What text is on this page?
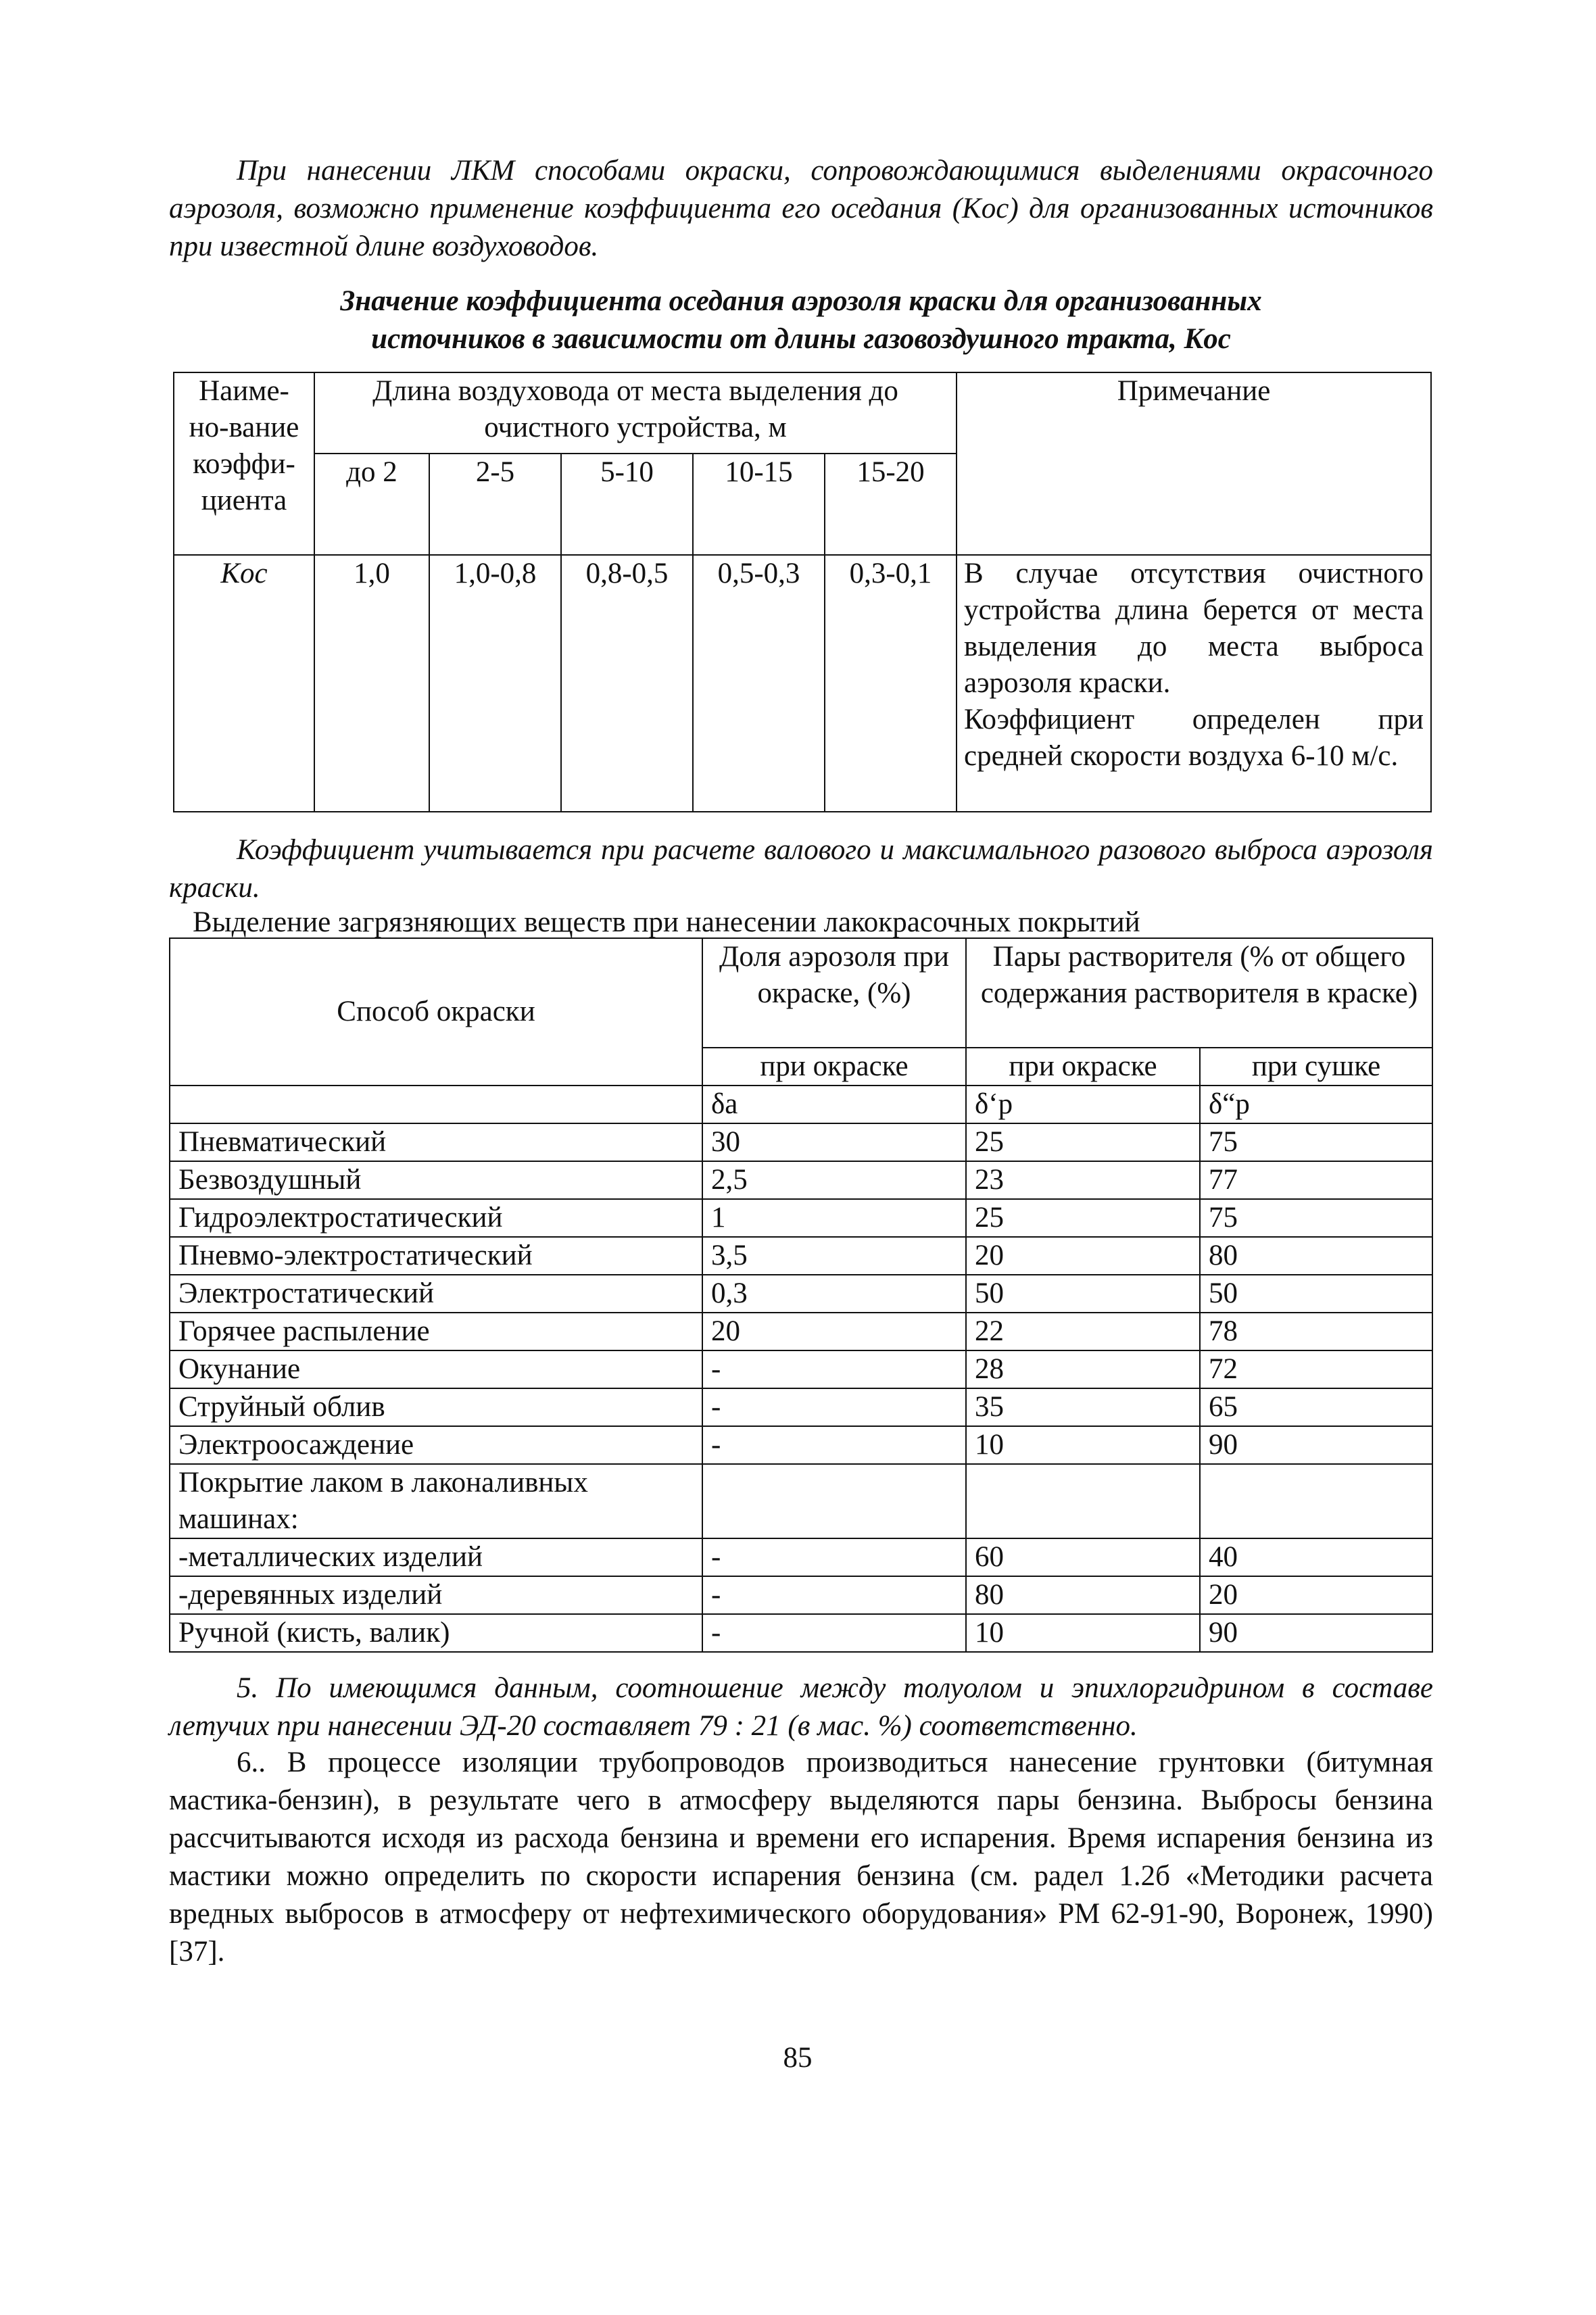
При нанесении ЛКМ способами окраски, сопровождающимися выделениями окрасочного аэрозоля, возможно применение коэффициента его оседания (Kос) для организованных источников при известной длине воздуховодов.

Значение коэффициента оседания аэрозоля краски для организованных
источников в зависимости от длины газовоздушного тракта, Kос
Наиме-но-вание коэффи-циента	Длина воздуховода от места выделения до очистного устройства, м					Примечание
	до 2	2-5	5-10	10-15	15-20	
Kос	1,0	1,0-0,8	0,8-0,5	0,5-0,3	0,3-0,1	В случае отсутствия очистного устройства длина берется от места выделения до места выброса аэрозоля краски.
Коэффициент определен при средней скорости воздуха 6-10 м/с.

Коэффициент учитывается при расчете валового и максимального разового выброса аэрозоля краски.

Выделение загрязняющих веществ при нанесении лакокрасочных покрытий
Способ окраски	Доля аэрозоля при окраске, (%)	Пары растворителя (% от общего содержания растворителя в краске)	
	при окраске	при окраске	при сушке
	δа	δ‘р	δ“р
Пневматический	30	25	75
Безвоздушный	2,5	23	77
Гидроэлектростатический	1	25	75
Пневмо-электростатический	3,5	20	80
Электростатический	0,3	50	50
Горячее распыление	20	22	78
Окунание	-	28	72
Струйный облив	-	35	65
Электроосаждение	-	10	90
Покрытие лаком в лаконаливных машинах:			
-металлических изделий	-	60	40
-деревянных изделий	-	80	20
Ручной (кисть, валик)	-	10	90

5. По имеющимся данным, соотношение между толуолом и эпихлоргидрином в составе летучих при нанесении ЭД-20 составляет 79 : 21 (в мас. %) соответственно.

6.. В процессе изоляции трубопроводов производиться нанесение грунтовки (битумная мастика-бензин), в результате чего в атмосферу выделяются пары бензина. Выбросы бензина рассчитываются исходя из расхода бензина и времени его испарения. Время испарения бензина из мастики можно определить по скорости испарения бензина (см. радел 1.2б «Методики расчета вредных выбросов в атмосферу от нефтехимического оборудования» РМ 62-91-90, Воронеж, 1990) [37].

85
